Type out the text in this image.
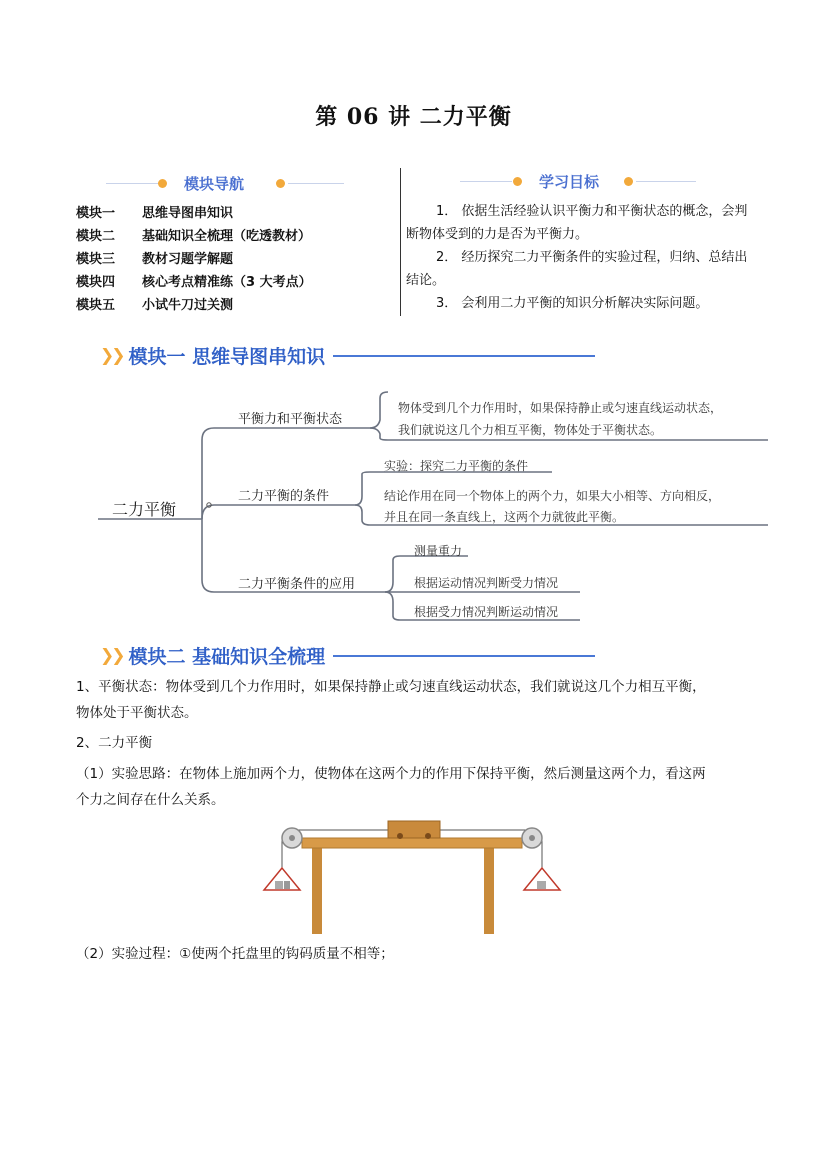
第 06 讲 二力平衡
模块导航
模块一	思维导图串知识
模块二	基础知识全梳理（吃透教材）
模块三	教材习题学解题
模块四	核心考点精准练（3 大考点）
模块五	小试牛刀过关测
学习目标
1． 依据生活经验认识平衡力和平衡状态的概念，会判断物体受到的力是否为平衡力。
2． 经历探究二力平衡条件的实验过程，归纳、总结出结论。
3． 会利用二力平衡的知识分析解决实际问题。
❯❯ 模块一 思维导图串知识
二力平衡
平衡力和平衡状态
二力平衡的条件
二力平衡条件的应用
物体受到几个力作用时，如果保持静止或匀速直线运动状态，
我们就说这几个力相互平衡，物体处于平衡状态。
实验：探究二力平衡的条件
结论作用在同一个物体上的两个力，如果大小相等、方向相反，
并且在同一条直线上，这两个力就彼此平衡。
测量重力
根据运动情况判断受力情况
根据受力情况判断运动情况
❯❯ 模块二 基础知识全梳理
1、平衡状态：物体受到几个力作用时，如果保持静止或匀速直线运动状态，我们就说这几个力相互平衡，
物体处于平衡状态。
2、二力平衡
（1）实验思路：在物体上施加两个力，使物体在这两个力的作用下保持平衡，然后测量这两个力，看这两
个力之间存在什么关系。
（2）实验过程：①使两个托盘里的钩码质量不相等；
